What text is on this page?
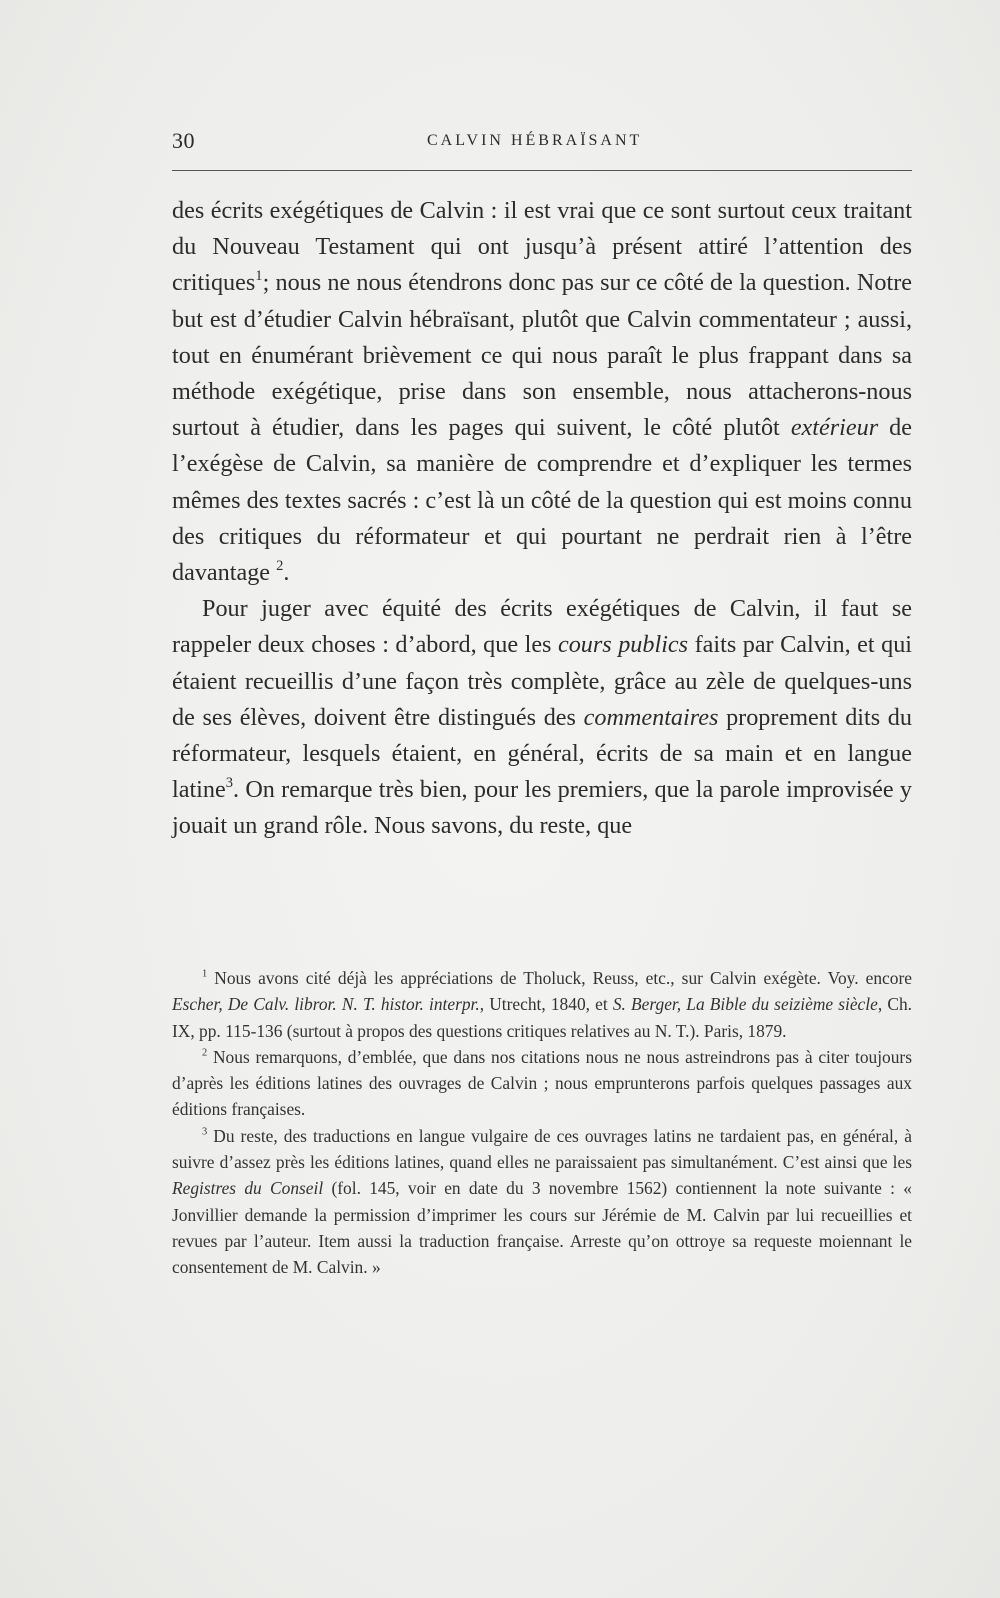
30	CALVIN HÉBRAÏSANT

des écrits exégétiques de Calvin : il est vrai que ce sont surtout ceux traitant du Nouveau Testament qui ont jusqu’à présent attiré l’attention des critiques$^1$; nous ne nous étendrons donc pas sur ce côté de la question. Notre but est d’étudier Calvin hébraïsant, plutôt que Calvin commentateur ; aussi, tout en énumérant brièvement ce qui nous paraît le plus frappant dans sa méthode exégétique, prise dans son ensemble, nous attacherons-nous surtout à étudier, dans les pages qui suivent, le côté plutôt extérieur de l’exégèse de Calvin, sa manière de comprendre et d’expliquer les termes mêmes des textes sacrés : c’est là un côté de la question qui est moins connu des critiques du réformateur et qui pourtant ne perdrait rien à l’être davantage $^2$.

Pour juger avec équité des écrits exégétiques de Calvin, il faut se rappeler deux choses : d’abord, que les cours publics faits par Calvin, et qui étaient recueillis d’une façon très complète, grâce au zèle de quelques-uns de ses élèves, doivent être distingués des commentaires proprement dits du réformateur, lesquels étaient, en général, écrits de sa main et en langue latine$^3$. On remarque très bien, pour les premiers, que la parole improvisée y jouait un grand rôle. Nous savons, du reste, que

$^1$ Nous avons cité déjà les appréciations de Tholuck, Reuss, etc., sur Calvin exégète. Voy. encore Escher, De Calv. libror. N. T. histor. interpr., Utrecht, 1840, et S. Berger, La Bible du seizième siècle, Ch. IX, pp. 115-136 (surtout à propos des questions critiques relatives au N. T.). Paris, 1879.

$^2$ Nous remarquons, d’emblée, que dans nos citations nous ne nous astreindrons pas à citer toujours d’après les éditions latines des ouvrages de Calvin ; nous emprunterons parfois quelques passages aux éditions françaises.

$^3$ Du reste, des traductions en langue vulgaire de ces ouvrages latins ne tardaient pas, en général, à suivre d’assez près les éditions latines, quand elles ne paraissaient pas simultanément. C’est ainsi que les Registres du Conseil (fol. 145, voir en date du 3 novembre 1562) contiennent la note suivante : « Jonvillier demande la permission d’imprimer les cours sur Jérémie de M. Calvin par lui recueillies et revues par l’auteur. Item aussi la traduction française. Arreste qu’on ottroye sa requeste moiennant le consentement de M. Calvin. »
